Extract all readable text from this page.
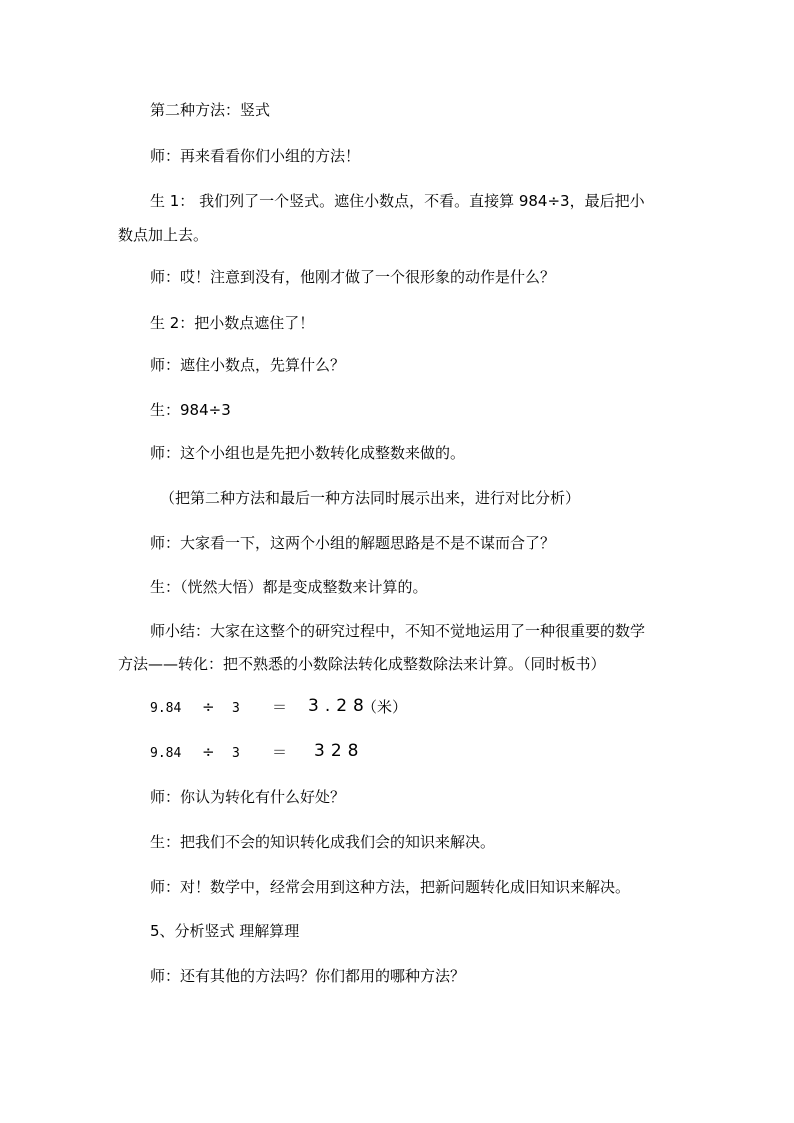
第二种方法：竖式

师：再来看看你们小组的方法！

生 1： 我们列了一个竖式。遮住小数点，不看。直接算 984÷3，最后把小

数点加上去。

师：哎！注意到没有，他刚才做了一个很形象的动作是什么？

生 2：把小数点遮住了！

师：遮住小数点，先算什么？

生：984÷3

师：这个小组也是先把小数转化成整数来做的。

（把第二种方法和最后一种方法同时展示出来，进行对比分析）

师：大家看一下，这两个小组的解题思路是不是不谋而合了？

生：（恍然大悟）都是变成整数来计算的。

师小结：大家在这整个的研究过程中，不知不觉地运用了一种很重要的数学

方法——转化：把不熟悉的小数除法转化成整数除法来计算。（同时板书）

9.84 ÷ 3 ＝ 3.28
（米）
9.84 ÷ 3 ＝ 328

师：你认为转化有什么好处？

生：把我们不会的知识转化成我们会的知识来解决。

师：对！数学中，经常会用到这种方法，把新问题转化成旧知识来解决。

5、分析竖式 理解算理

师：还有其他的方法吗？你们都用的哪种方法？
